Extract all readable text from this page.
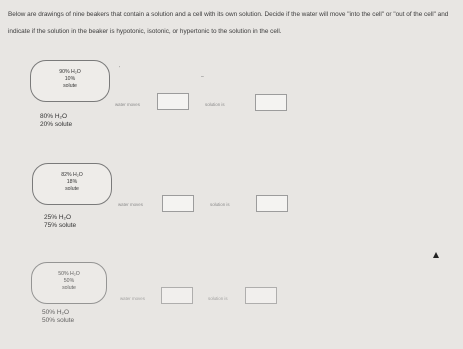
Below are drawings of nine beakers that contain a solution and a cell with its own solution. Decide if the water will move "into the cell" or "out of the cell" and indicate if the solution in the beaker is hypotonic, isotonic, or hypertonic to the solution in the cell.

90% H₂O
10%
solute
80% H₂O
20% solute
’
–
water moves	solution is
82% H₂O
18%
solute
25% H₂O
75% solute
water moves	solution is
50% H₂O
50%
solute
50% H₂O
50% solute
water moves	solution is
